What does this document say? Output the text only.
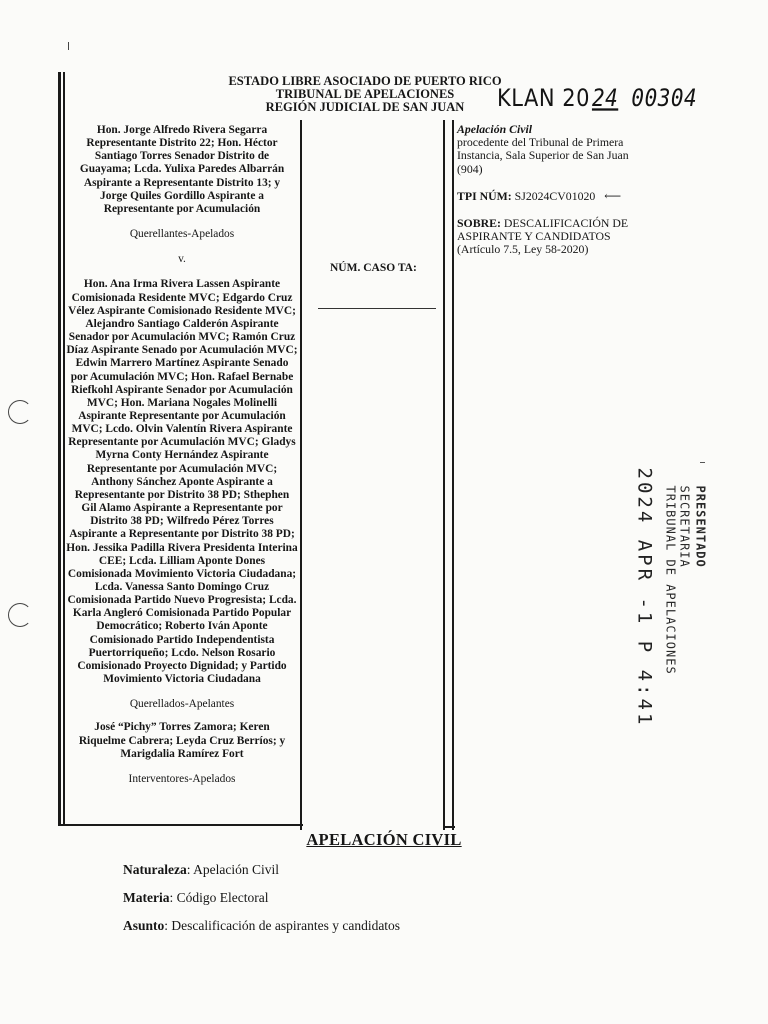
ESTADO LIBRE ASOCIADO DE PUERTO RICO
TRIBUNAL DE APELACIONES
REGIÓN JUDICIAL DE SAN JUAN	KLAN 2024 00304
Hon. Jorge Alfredo Rivera Segarra Representante Distrito 22; Hon. Héctor Santiago Torres Senador Distrito de Guayama; Lcda. Yulixa Paredes Albarrán Aspirante a Representante Distrito 13; y Jorge Quiles Gordillo Aspirante a Representante por Acumulación
Querellantes-Apelados
v.
Hon. Ana Irma Rivera Lassen Aspirante Comisionada Residente MVC; Edgardo Cruz Vélez Aspirante Comisionado Residente MVC; Alejandro Santiago Calderón Aspirante Senador por Acumulación MVC; Ramón Cruz Díaz Aspirante Senado por Acumulación MVC; Edwin Marrero Martínez Aspirante Senado por Acumulación MVC; Hon. Rafael Bernabe Riefkohl Aspirante Senador por Acumulación MVC; Hon. Mariana Nogales Molinelli Aspirante Representante por Acumulación MVC; Lcdo. Olvin Valentín Rivera Aspirante Representante por Acumulación MVC; Gladys Myrna Conty Hernández Aspirante Representante por Acumulación MVC; Anthony Sánchez Aponte Aspirante a Representante por Distrito 38 PD; Sthephen Gil Alamo Aspirante a Representante por Distrito 38 PD; Wilfredo Pérez Torres Aspirante a Representante por Distrito 38 PD; Hon. Jessika Padilla Rivera Presidenta Interina CEE; Lcda. Lilliam Aponte Dones Comisionada Movimiento Victoria Ciudadana; Lcda. Vanessa Santo Domingo Cruz Comisionada Partido Nuevo Progresista; Lcda. Karla Angleró Comisionada Partido Popular Democrático; Roberto Iván Aponte Comisionado Partido Independentista Puertorriqueño; Lcdo. Nelson Rosario Comisionado Proyecto Dignidad; y Partido Movimiento Victoria Ciudadana
Querellados-Apelantes
José “Pichy” Torres Zamora; Keren Riquelme Cabrera; Leyda Cruz Berríos; y Marigdalia Ramírez Fort
Interventores-Apelados
NÚM. CASO TA:
Apelación Civil
procedente del Tribunal de Primera Instancia, Sala Superior de San Juan (904)
TPI NÚM: SJ2024CV01020 ⟵
SOBRE: DESCALIFICACIÓN DE ASPIRANTE Y CANDIDATOS (Artículo 7.5, Ley 58-2020)
PRESENTADO
SECRETARIA
TRIBUNAL DE APELACIONES
2024 APR -1 P 4:41
APELACIÓN CIVIL
Naturaleza: Apelación Civil
Materia: Código Electoral
Asunto: Descalificación de aspirantes y candidatos
